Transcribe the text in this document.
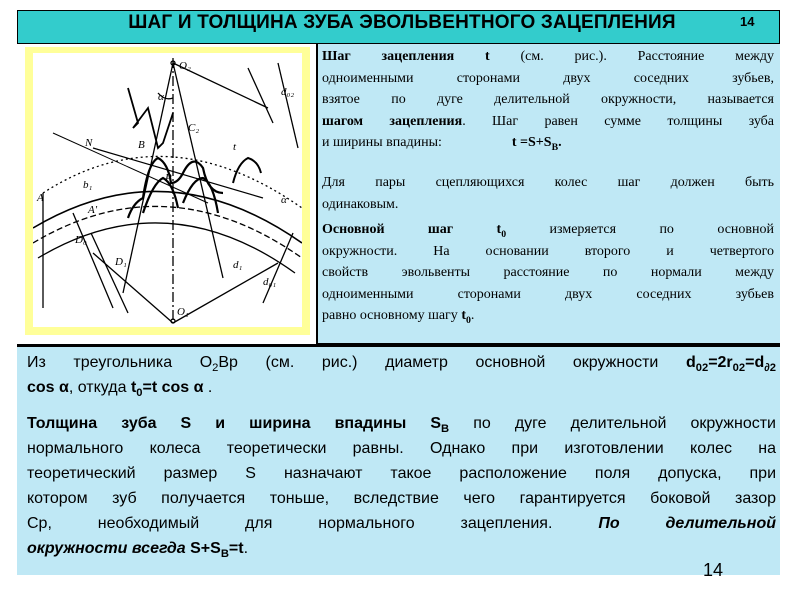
ШАГ И ТОЛЩИНА ЗУБА ЭВОЛЬВЕНТНОГО ЗАЦЕПЛЕНИЯ	14
O₂
α	d₀₂
N
C₂
P
B
A
b₁
A'
D₀
D₁	d₁
d₀₁
O₁
t
α
Шаг зацепления t (см. рис.). Расстояние между
одноименными сторонами двух соседних зубьев,
взятое по дуге делительной окружности, называется
шагом зацепления. Шаг равен сумме толщины зуба
и ширины впадины:	$t =S+S_В$.
Для пары сцепляющихся колес шаг должен быть
одинаковым.
Основной шаг $t_0$ измеряется по основной
окружности. На основании второго и четвертого
свойств эвольвенты расстояние по нормали между
одноименными сторонами двух соседних зубьев
равно основному шагу $t_0$.
Из треугольника $О_2Вр$ (см. рис.) диаметр основной окружности $d_{02}=2r_{02}=d_{\partial 2}$
cos α, откуда $t_0=t$ cos α .
Толщина зуба S и ширина впадины $S_В$ по дуге делительной окружности
нормального колеса теоретически равны. Однако при изготовлении колес на
теоретический размер S назначают такое расположение поля допуска, при
котором зуб получается тоньше, вследствие чего гарантируется боковой зазор
Ср, необходимый для нормального зацепления. По делительной
окружности всегда $S+S_В=t$.
14
